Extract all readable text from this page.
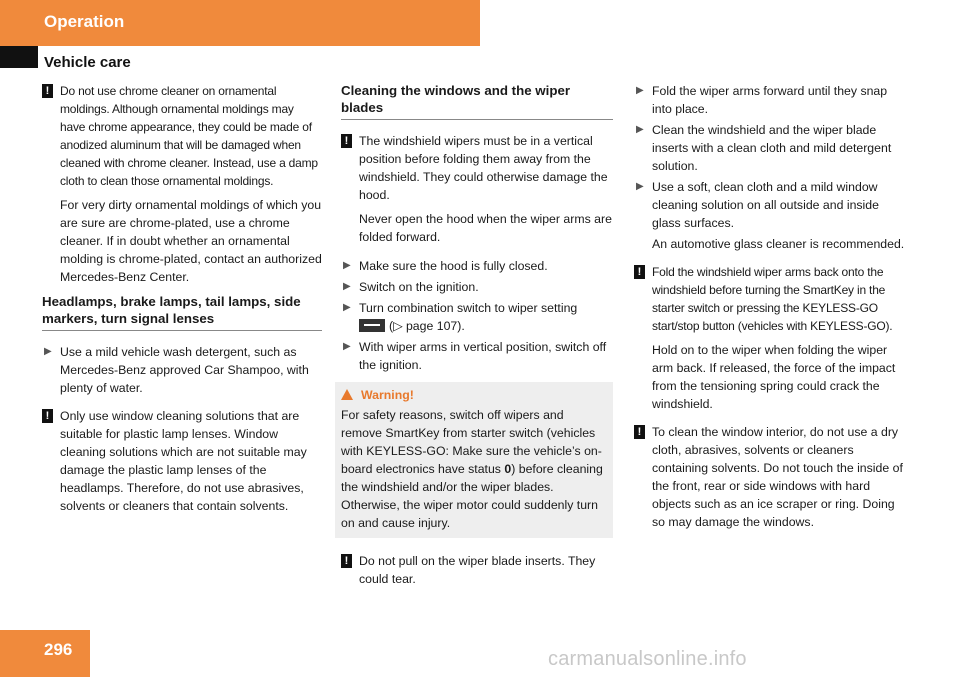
Operation
Vehicle care
! Do not use chrome cleaner on ornamental moldings. Although ornamental moldings may have chrome appearance, they could be made of anodized aluminum that will be damaged when cleaned with chrome cleaner. Instead, use a damp cloth to clean those ornamental moldings.

For very dirty ornamental moldings of which you are sure are chrome-plated, use a chrome cleaner. If in doubt whether an ornamental molding is chrome-plated, contact an authorized Mercedes-Benz Center.

Headlamps, brake lamps, tail lamps, side markers, turn signal lenses
▶ Use a mild vehicle wash detergent, such as Mercedes-Benz approved Car Shampoo, with plenty of water.
! Only use window cleaning solutions that are suitable for plastic lamp lenses. Window cleaning solutions which are not suitable may damage the plastic lamp lenses of the headlamps. Therefore, do not use abrasives, solvents or cleaners that contain solvents.

Cleaning the windows and the wiper blades
! The windshield wipers must be in a vertical position before folding them away from the windshield. They could otherwise damage the hood.

Never open the hood when the wiper arms are folded forward.

▶ Make sure the hood is fully closed.
▶ Switch on the ignition.
▶ Turn combination switch to wiper setting
(▷ page 107).
▶ With wiper arms in vertical position, switch off the ignition.
Warning!
For safety reasons, switch off wipers and remove SmartKey from starter switch (vehicles with KEYLESS-GO: Make sure the vehicle’s on-board electronics have status 0) before cleaning the windshield and/or the wiper blades. Otherwise, the wiper motor could suddenly turn on and cause injury.
! Do not pull on the wiper blade inserts. They could tear.

▶ Fold the wiper arms forward until they snap into place.
▶ Clean the windshield and the wiper blade inserts with a clean cloth and mild detergent solution.
▶ Use a soft, clean cloth and a mild window cleaning solution on all outside and inside glass surfaces.

An automotive glass cleaner is recommended.

! Fold the windshield wiper arms back onto the windshield before turning the SmartKey in the starter switch or pressing the KEYLESS-GO start/stop button (vehicles with KEYLESS-GO).

Hold on to the wiper when folding the wiper arm back. If released, the force of the impact from the tensioning spring could crack the windshield.

! To clean the window interior, do not use a dry cloth, abrasives, solvents or cleaners containing solvents. Do not touch the inside of the front, rear or side windows with hard objects such as an ice scraper or ring. Doing so may damage the windows.

296	carmanualsonline.info
